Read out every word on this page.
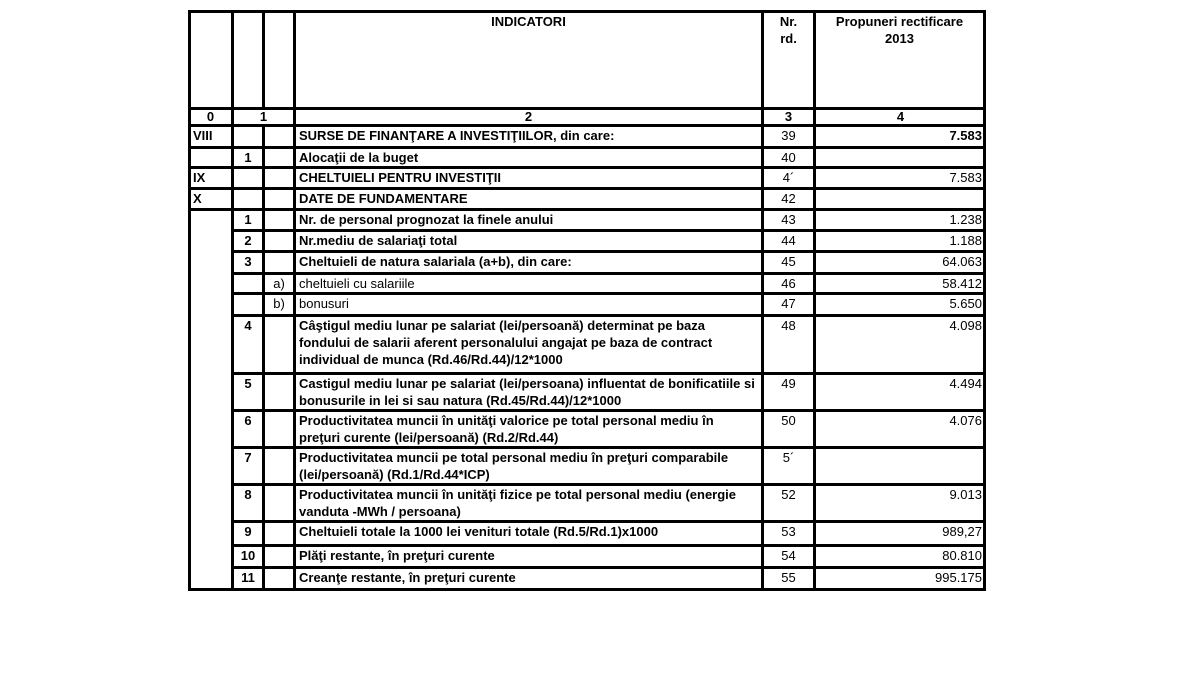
			INDICATORI	Nr. rd.	Propuneri rectificare 2013
0	1		2	3	4
VIII			SURSE DE FINANŢARE A INVESTIŢIILOR, din care:	39	7.583
	1		Alocaţii de la buget	40	
IX			CHELTUIELI PENTRU INVESTIŢII	4´	7.583
X			DATE DE FUNDAMENTARE	42	
	1		Nr. de personal prognozat la finele anului	43	1.238
	2		Nr.mediu de salariaţi total	44	1.188
	3		Cheltuieli de natura salariala (a+b), din care:	45	64.063
		a)	cheltuieli cu salariile	46	58.412
		b)	bonusuri	47	5.650
	4		Câştigul mediu lunar pe salariat (lei/persoană) determinat pe baza fondului de salarii aferent personalului angajat pe baza de contract individual de munca (Rd.46/Rd.44)/12*1000	48	4.098
	5		Castigul mediu lunar pe salariat (lei/persoana) influentat de bonificatiile si bonusurile in lei si sau natura (Rd.45/Rd.44)/12*1000	49	4.494
	6		Productivitatea muncii în unităţi valorice pe total personal mediu în preţuri curente (lei/persoană) (Rd.2/Rd.44)	50	4.076
	7		Productivitatea muncii pe total personal mediu în preţuri comparabile (lei/persoană) (Rd.1/Rd.44*ICP)	5´	
	8		Productivitatea muncii în unităţi fizice pe total personal mediu (energie vanduta -MWh / persoana)	52	9.013
	9		Cheltuieli totale la 1000 lei venituri totale (Rd.5/Rd.1)x1000	53	989,27
	10		Plăţi restante, în preţuri curente	54	80.810
	11		Creanţe restante, în preţuri curente	55	995.175
